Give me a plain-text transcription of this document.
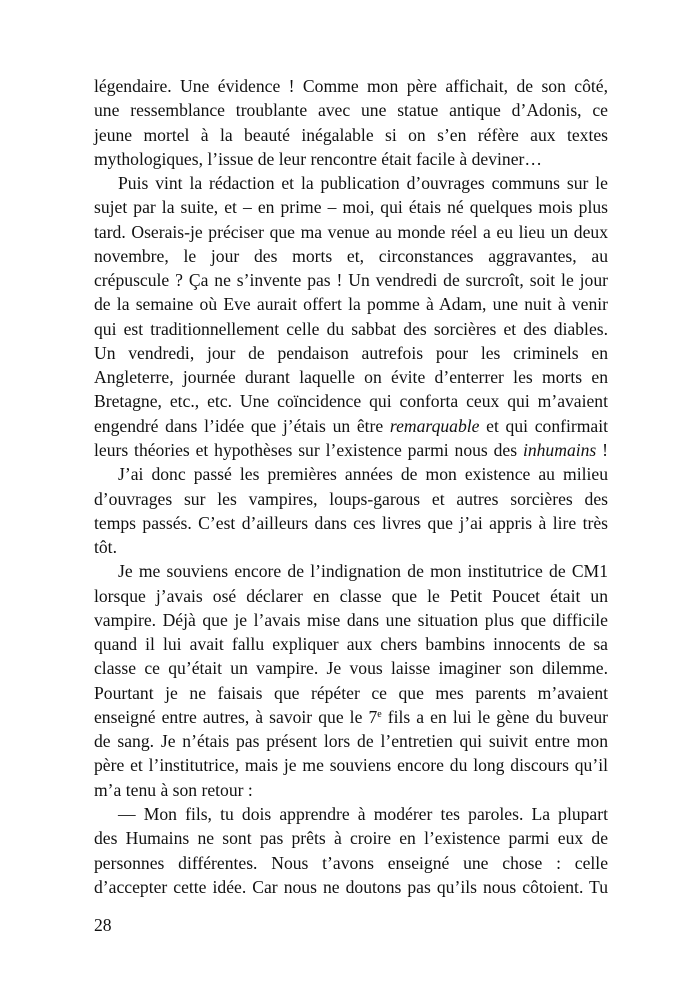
légendaire. Une évidence ! Comme mon père affichait, de son côté,
une ressemblance troublante avec une statue antique d’Adonis, ce
jeune mortel à la beauté inégalable si on s’en réfère aux textes
mythologiques, l’issue de leur rencontre était facile à deviner…
Puis vint la rédaction et la publication d’ouvrages communs sur le
sujet par la suite, et – en prime – moi, qui étais né quelques mois plus
tard. Oserais-je préciser que ma venue au monde réel a eu lieu un deux
novembre, le jour des morts et, circonstances aggravantes, au
crépuscule ? Ça ne s’invente pas ! Un vendredi de surcroît, soit le jour
de la semaine où Eve aurait offert la pomme à Adam, une nuit à venir
qui est traditionnellement celle du sabbat des sorcières et des diables.
Un vendredi, jour de pendaison autrefois pour les criminels en
Angleterre, journée durant laquelle on évite d’enterrer les morts en
Bretagne, etc., etc. Une coïncidence qui conforta ceux qui m’avaient
engendré dans l’idée que j’étais un être remarquable et qui confirmait
leurs théories et hypothèses sur l’existence parmi nous des inhumains !
J’ai donc passé les premières années de mon existence au milieu
d’ouvrages sur les vampires, loups-garous et autres sorcières des
temps passés. C’est d’ailleurs dans ces livres que j’ai appris à lire très
tôt.
Je me souviens encore de l’indignation de mon institutrice de CM1
lorsque j’avais osé déclarer en classe que le Petit Poucet était un
vampire. Déjà que je l’avais mise dans une situation plus que difficile
quand il lui avait fallu expliquer aux chers bambins innocents de sa
classe ce qu’était un vampire. Je vous laisse imaginer son dilemme.
Pourtant je ne faisais que répéter ce que mes parents m’avaient
enseigné entre autres, à savoir que le 7e fils a en lui le gène du buveur
de sang. Je n’étais pas présent lors de l’entretien qui suivit entre mon
père et l’institutrice, mais je me souviens encore du long discours qu’il
m’a tenu à son retour :
— Mon fils, tu dois apprendre à modérer tes paroles. La plupart
des Humains ne sont pas prêts à croire en l’existence parmi eux de
personnes différentes. Nous t’avons enseigné une chose : celle
d’accepter cette idée. Car nous ne doutons pas qu’ils nous côtoient. Tu
28
